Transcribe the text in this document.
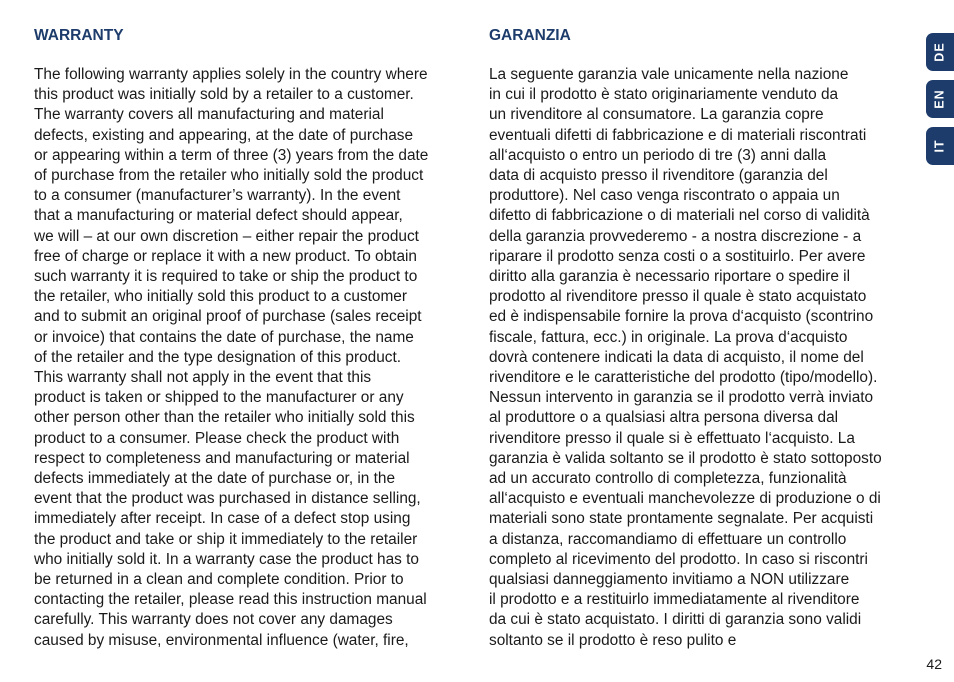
WARRANTY

The following warranty applies solely in the country where
this product was initially sold by a retailer to a customer.
The warranty covers all manufacturing and material
defects, existing and appearing, at the date of purchase
or appearing within a term of three (3) years from the date
of purchase from the retailer who initially sold the product
to a consumer (manufacturer’s warranty). In the event
that a manufacturing or material defect should appear,
we will – at our own discretion – either repair the product
free of charge or replace it with a new product. To obtain
such warranty it is required to take or ship the product to
the retailer, who initially sold this product to a customer
and to submit an original proof of purchase (sales receipt
or invoice) that contains the date of purchase, the name
of the retailer and the type designation of this product.
This warranty shall not apply in the event that this
product is taken or shipped to the manufacturer or any
other person other than the retailer who initially sold this
product to a consumer. Please check the product with
respect to completeness and manufacturing or material
defects immediately at the date of purchase or, in the
event that the product was purchased in distance selling,
immediately after receipt. In case of a defect stop using
the product and take or ship it immediately to the retailer
who initially sold it. In a warranty case the product has to
be returned in a clean and complete condition. Prior to
contacting the retailer, please read this instruction manual
carefully. This warranty does not cover any damages
caused by misuse, environmental influence (water, fire,

GARANZIA

La seguente garanzia vale unicamente nella nazione
in cui il prodotto è stato originariamente venduto da
un rivenditore al consumatore. La garanzia copre
eventuali difetti di fabbricazione e di materiali riscontrati
all‘acquisto o entro un periodo di tre (3) anni dalla
data di acquisto presso il rivenditore (garanzia del
produttore). Nel caso venga riscontrato o appaia un
difetto di fabbricazione o di materiali nel corso di validità
della garanzia provvederemo - a nostra discrezione - a
riparare il prodotto senza costi o a sostituirlo. Per avere
diritto alla garanzia è necessario riportare o spedire il
prodotto al rivenditore presso il quale è stato acquistato
ed è indispensabile fornire la prova d‘acquisto (scontrino
fiscale, fattura, ecc.) in originale. La prova d‘acquisto
dovrà contenere indicati la data di acquisto, il nome del
rivenditore e le caratteristiche del prodotto (tipo/modello).
Nessun intervento in garanzia se il prodotto verrà inviato
al produttore o a qualsiasi altra persona diversa dal
rivenditore presso il quale si è effettuato l‘acquisto. La
garanzia è valida soltanto se il prodotto è stato sottoposto
ad un accurato controllo di completezza, funzionalità
all‘acquisto e eventuali manchevolezze di produzione o di
materiali sono state prontamente segnalate. Per acquisti
a distanza, raccomandiamo di effettuare un controllo
completo al ricevimento del prodotto. In caso si riscontri
qualsiasi danneggiamento invitiamo a NON utilizzare
il prodotto e a restituirlo immediatamente al rivenditore
da cui è stato acquistato. I diritti di garanzia sono validi
soltanto se il prodotto è reso pulito e

DE
EN
IT
42
